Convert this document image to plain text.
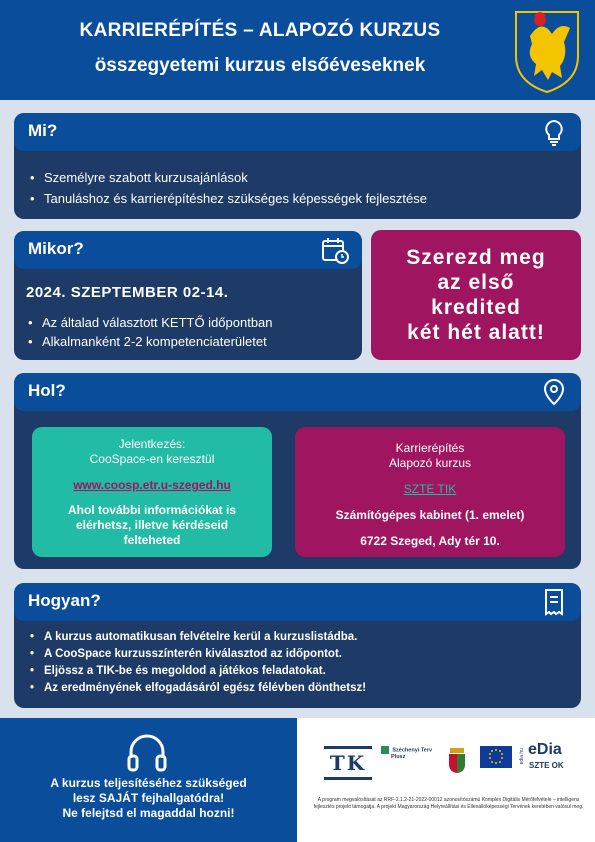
KARRIERÉPÍTÉS – ALAPOZÓ KURZUS
összegyetemi kurzus elsőéveseknek
Mi?
• Személyre szabott kurzusajánlások
• Tanuláshoz és karrierépítéshez szükséges képességek fejlesztése
Mikor?
2024. SZEPTEMBER 02-14.
• Az általad választott KETTŐ időpontban
• Alkalmanként 2-2 kompetenciaterületet
Szerezd meg
az első
kredited
két hét alatt!
Hol?
Jelentkezés:
CooSpace-en keresztül
www.coosp.etr.u-szeged.hu
Ahol további információkat is
elérhetsz, illetve kérdéseid
felteheted
Karrierépítés
Alapozó kurzus
SZTE TIK
Számítógépes kabinet (1. emelet)
6722 Szeged, Ady tér 10.
Hogyan?
• A kurzus automatikusan felvételre kerül a kurzuslistádba.
• A CooSpace kurzusszínterén kiválasztod az időpontot.
• Eljössz a TIK-be és megoldod a játékos feladatokat.
• Az eredményének elfogadásáról egész félévben dönthetsz!
A kurzus teljesítéséhez szükséged
lesz SAJÁT fejhallgatódra!
Ne felejtsd el magaddal hozni!
TK
Széchenyi Terv
Plusz	edia.hu eDia
SZTE OK
A program megvalósítását az RRF-2.1.2-21-2022-00012 azonosítószámú Komplex Digitális Mérőfelvétele – intelligens fejlesztés projekt támogatja. A projekt Magyarország Helyreállítási és Ellenállóképességi Tervének keretében valósul meg.
